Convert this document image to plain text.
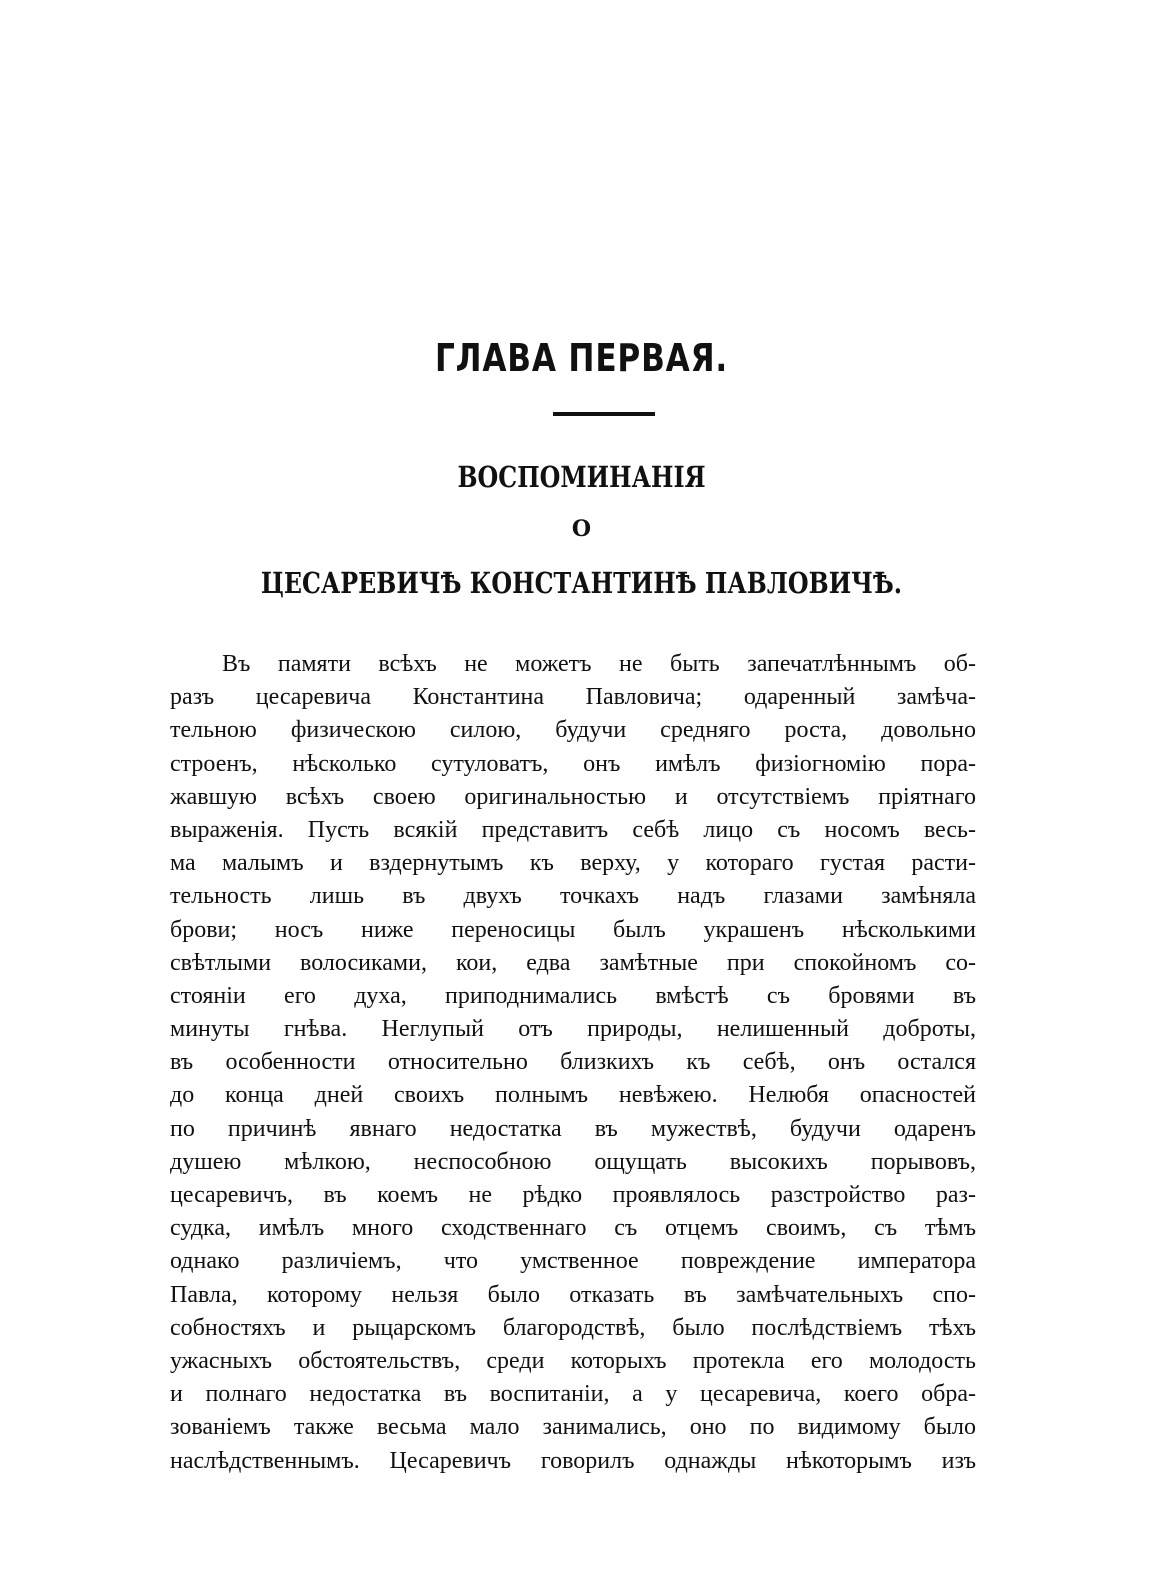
ГЛАВА ПЕРВАЯ.
ВОСПОМИНАНІЯ
О
ЦЕСАРЕВИЧѢ КОНСТАНТИНѢ ПАВЛОВИЧѢ.
Въ памяти всѣхъ не можетъ не быть запечатлѣннымъ об-
разъ цесаревича Константина Павловича; одаренный замѣча-
тельною физическою силою, будучи средняго роста, довольно
строенъ, нѣсколько сутуловатъ, онъ имѣлъ физіогномію пора-
жавшую всѣхъ своею оригинальностью и отсутствіемъ пріятнаго
выраженія. Пусть всякій представитъ себѣ лицо съ носомъ весь-
ма малымъ и вздернутымъ къ верху, у котораго густая расти-
тельность лишь въ двухъ точкахъ надъ глазами замѣняла
брови; носъ ниже переносицы былъ украшенъ нѣсколькими
свѣтлыми волосиками, кои, едва замѣтные при спокойномъ со-
стояніи его духа, приподнимались вмѣстѣ съ бровями въ
минуты гнѣва. Неглупый отъ природы, нелишенный доброты,
въ особенности относительно близкихъ къ себѣ, онъ остался
до конца дней своихъ полнымъ невѣжею. Нелюбя опасностей
по причинѣ явнаго недостатка въ мужествѣ, будучи одаренъ
душею мѣлкою, неспособною ощущать высокихъ порывовъ,
цесаревичъ, въ коемъ не рѣдко проявлялось разстройство раз-
судка, имѣлъ много сходственнаго съ отцемъ своимъ, съ тѣмъ
однако различіемъ, что умственное повреждение императора
Павла, которому нельзя было отказать въ замѣчательныхъ спо-
собностяхъ и рыцарскомъ благородствѣ, было послѣдствіемъ тѣхъ
ужасныхъ обстоятельствъ, среди которыхъ протекла его молодость
и полнаго недостатка въ воспитаніи, а у цесаревича, коего обра-
зованіемъ также весьма мало занимались, оно по видимому было
наслѣдственнымъ. Цесаревичъ говорилъ однажды нѣкоторымъ изъ
